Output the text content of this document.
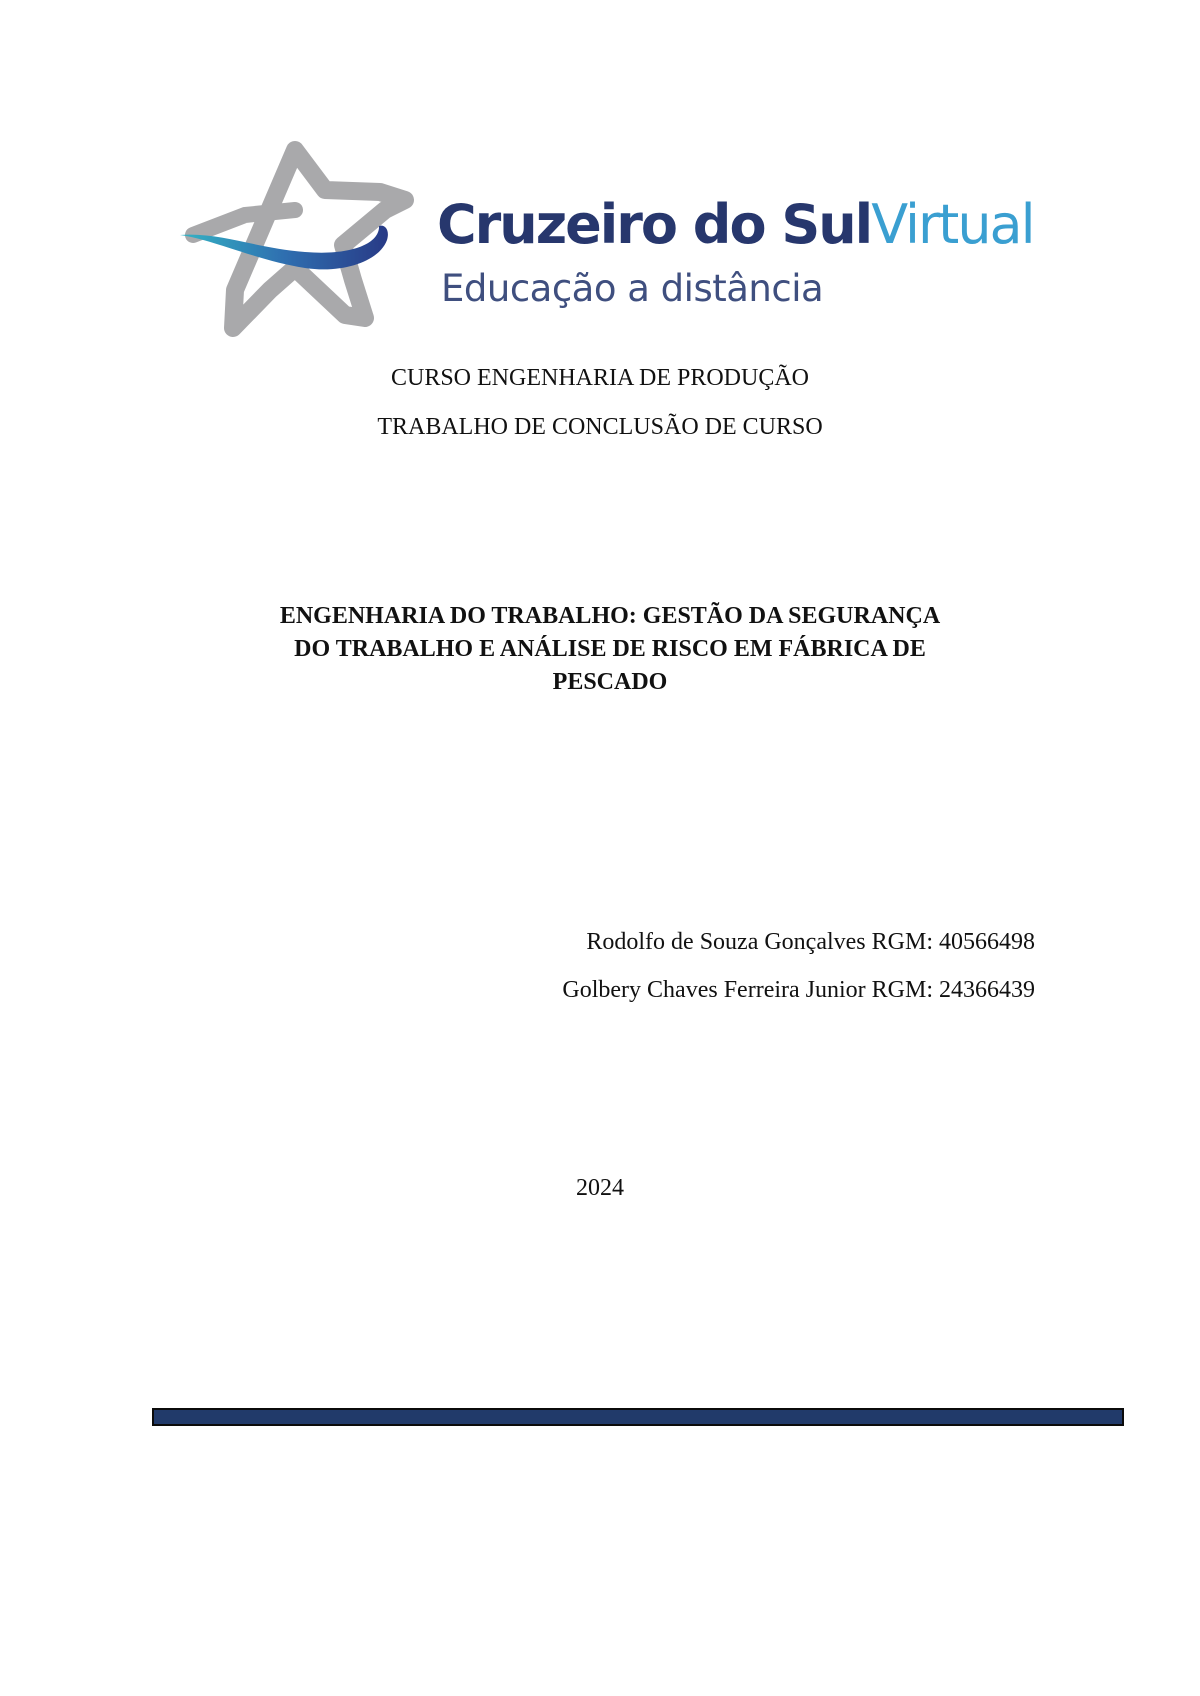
Cruzeiro do SulVirtual
Educação a distância
CURSO ENGENHARIA DE PRODUÇÃO
TRABALHO DE CONCLUSÃO DE CURSO
ENGENHARIA DO TRABALHO: GESTÃO DA SEGURANÇA
DO TRABALHO E ANÁLISE DE RISCO EM FÁBRICA DE
PESCADO
Rodolfo de Souza Gonçalves RGM: 40566498
Golbery Chaves Ferreira Junior RGM: 24366439
2024
